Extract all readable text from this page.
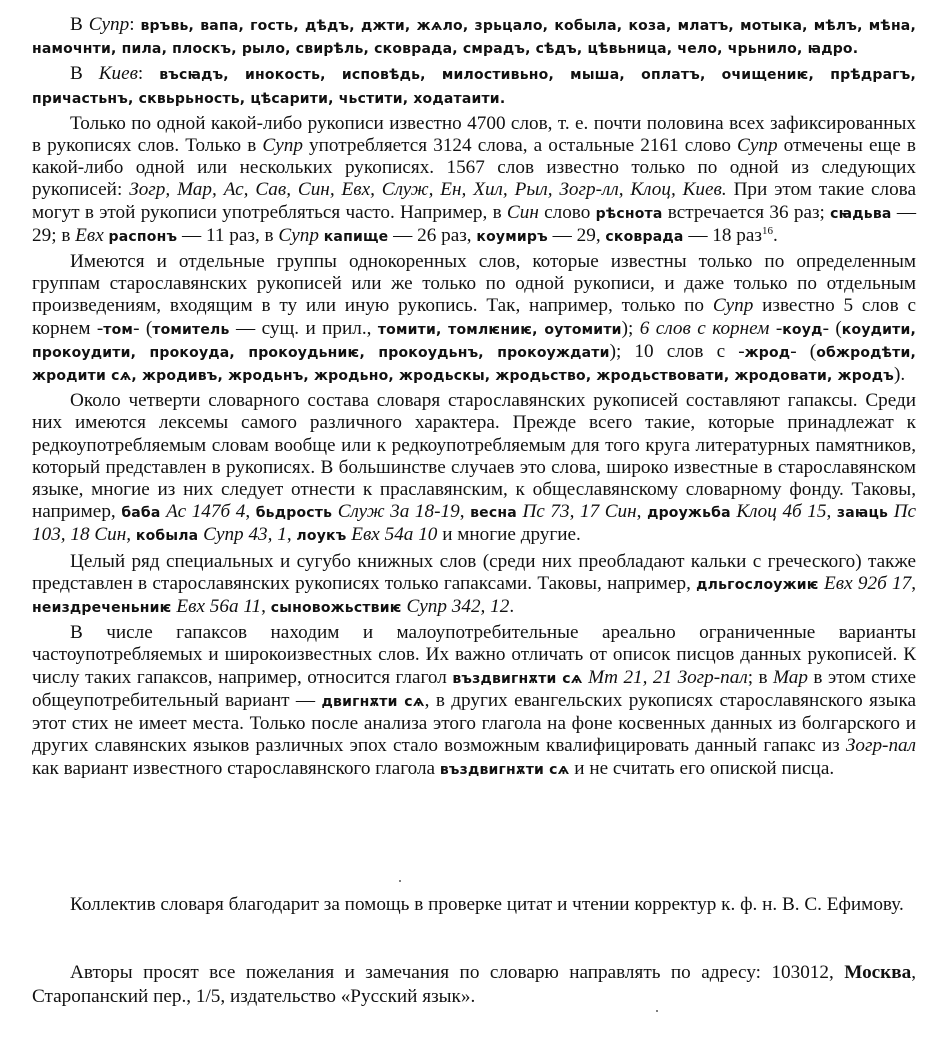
В Супр: връвь, вапа, гость, дѣдъ, джти, жѧло, зрьцало, кобыла, коза, млатъ, мотыка, мѣлъ, мѣна, намочнти, пила, плоскъ, рыло, свирѣль, сковрада, смрадъ, сѣдъ, цѣвьница, чело, чрьнило, ꙗдро.
В Киев: въсꙗдъ, инокость, исповѣдь, милостивьно, мыша, оплатъ, очищениѥ, прѣдрагъ, причастьнъ, сквьрьность, цѣсарити, чьстити, ходатаити.
Только по одной какой-либо рукописи известно 4700 слов, т. е. почти половина всех зафиксированных в рукописях слов. Только в Супр употребляется 3124 слова, а остальные 2161 слово Супр отмечены еще в какой-либо одной или нескольких рукописях. 1567 слов известно только по одной из следующих рукописей: Зогр, Мар, Ас, Сав, Син, Евх, Служ, Ен, Хил, Рыл, Зогр-лл, Клоц, Киев. При этом такие слова могут в этой рукописи употребляться часто. Например, в Син слово рѣснота встречается 36 раз; сꙗдьва — 29; в Евх распонъ — 11 раз, в Супр капище — 26 раз, коумиръ — 29, сковрада — 18 раз$^{16}$.
Имеются и отдельные группы однокоренных слов, которые известны только по определенным группам старославянских рукописей или же только по одной рукописи, и даже только по отдельным произведениям, входящим в ту или иную рукопись. Так, например, только по Супр известно 5 слов с корнем -том- (томитель — сущ. и прил., томити, томлѥниѥ, оутомити); 6 слов с корнем -коуд- (коудити, прокоудити, прокоуда, прокоудьниѥ, прокоудьнъ, прокоуждати); 10 слов с -жрод- (обжродѣти, жродити сѧ, жродивъ, жродьнъ, жродьно, жродьскы, жродьство, жродьствовати, жродовати, жродъ).
Около четверти словарного состава словаря старославянских рукописей составляют гапаксы. Среди них имеются лексемы самого различного характера. Прежде всего такие, которые принадлежат к редкоупотребляемым словам вообще или к редкоупотребляемым для того круга литературных памятников, который представлен в рукописях. В большинстве случаев это слова, широко известные в старославянском языке, многие из них следует отнести к праславянским, к общеславянскому словарному фонду. Таковы, например, баба Ас 147б 4, бьдрость Служ 3а 18-19, весна Пс 73, 17 Син, дроужьба Клоц 4б 15, заꙗць Пс 103, 18 Син, кобыла Супр 43, 1, лоукъ Евх 54а 10 и многие другие.
Целый ряд специальных и сугубо книжных слов (среди них преобладают кальки с греческого) также представлен в старославянских рукописях только гапаксами. Таковы, например, дльгослоужиѥ Евх 92б 17, неиздреченьниѥ Евх 56а 11, сыновожьствиѥ Супр 342, 12.
В числе гапаксов находим и малоупотребительные ареально ограниченные варианты частоупотребляемых и широкоизвестных слов. Их важно отличать от описок писцов данных рукописей. К числу таких гапаксов, например, относится глагол въздвигнѫти сѧ Мт 21, 21 Зогр-пал; в Мар в этом стихе общеупотребительный вариант — двигнѫти сѧ, в других евангельских рукописях старославянского языка этот стих не имеет места. Только после анализа этого глагола на фоне косвенных данных из болгарского и других славянских языков различных эпох стало возможным квалифицировать данный гапакс из Зогр-пал как вариант известного старославянского глагола въздвигнѫти сѧ и не считать его опиской писца.
Коллектив словаря благодарит за помощь в проверке цитат и чтении корректур к. ф. н. В. С. Ефимову.
Авторы просят все пожелания и замечания по словарю направлять по адресу: 103012, Москва, Старопанский пер., 1/5, издательство «Русский язык».
